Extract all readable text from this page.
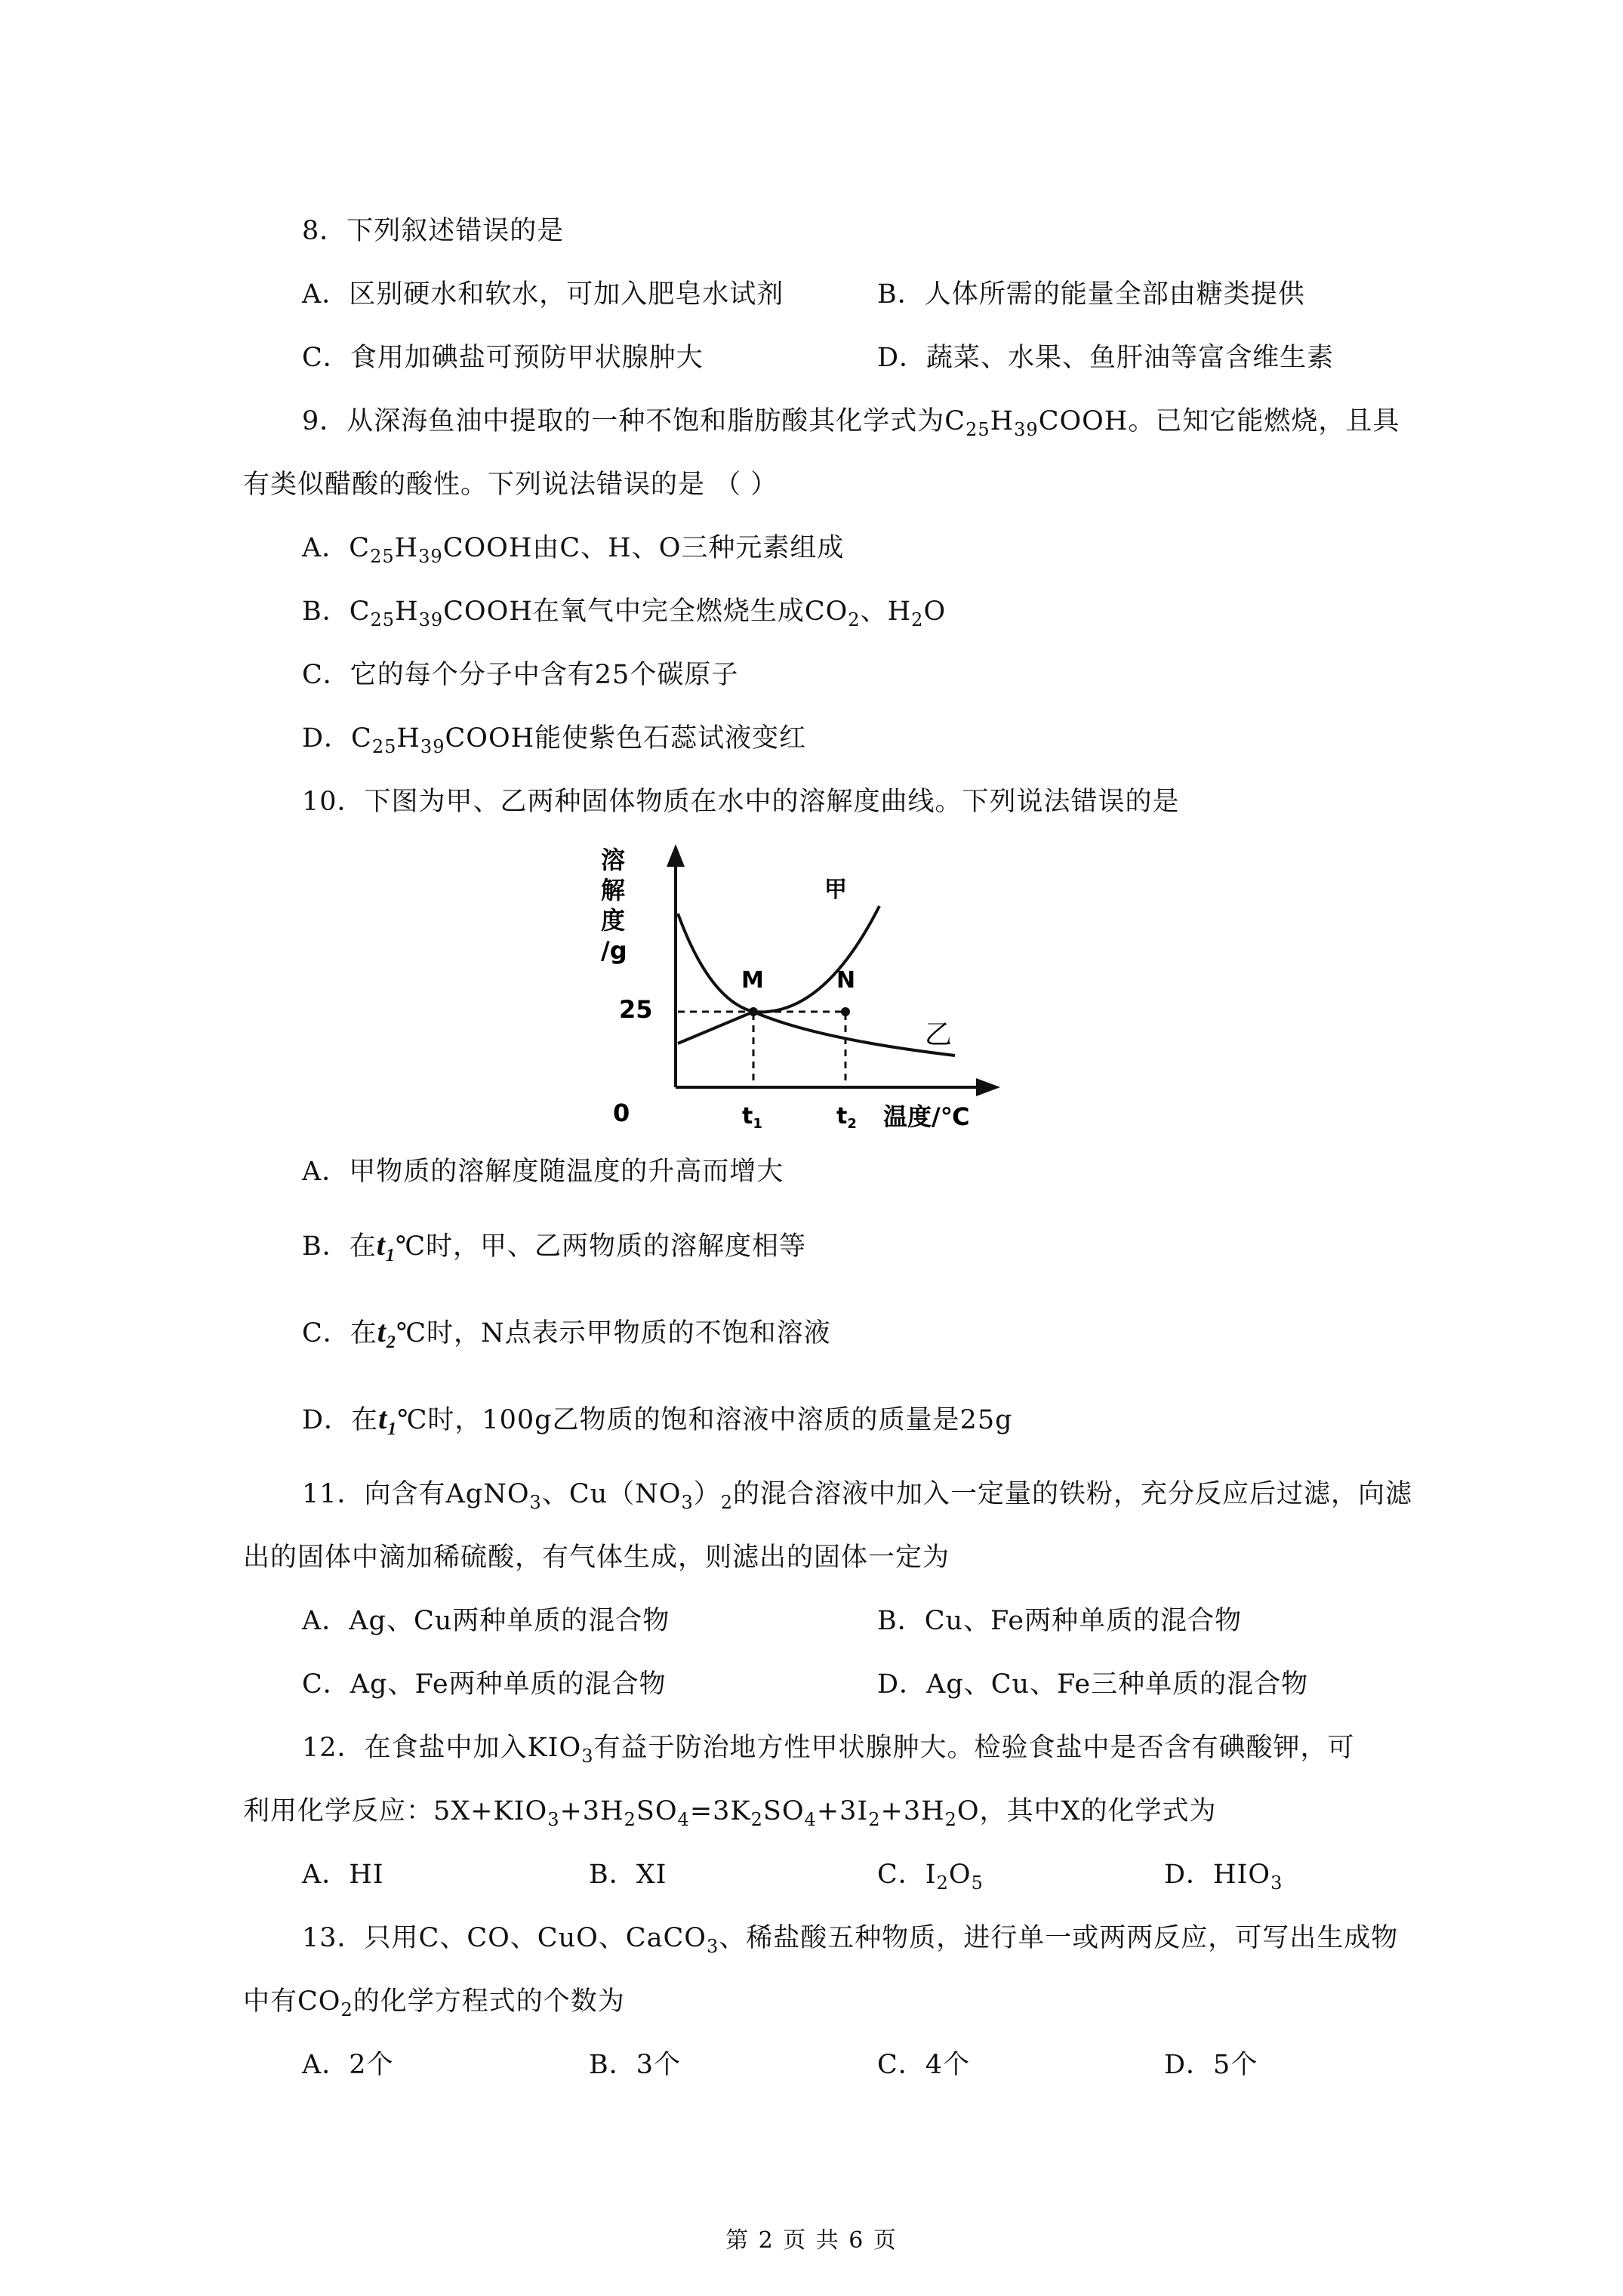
8．下列叙述错误的是
A．区别硬水和软水，可加入肥皂水试剂	B．人体所需的能量全部由糖类提供
C．食用加碘盐可预防甲状腺肿大	D．蔬菜、水果、鱼肝油等富含维生素
9．从深海鱼油中提取的一种不饱和脂肪酸其化学式为$C_{25}H_{39}COOH$。已知它能燃烧，且具
有类似醋酸的酸性。下列说法错误的是 （ ）
A．$C_{25}H_{39}COOH$由C、H、O三种元素组成
B．$C_{25}H_{39}COOH$在氧气中完全燃烧生成$CO_2$、$H_2O$
C．它的每个分子中含有25个碳原子
D．$C_{25}H_{39}COOH$能使紫色石蕊试液变红
10．下图为甲、乙两种固体物质在水中的溶解度曲线。下列说法错误的是
溶
解
度
/g
25
0	$t_1$	$t_2$ 温度/℃
甲
乙
M	N
A．甲物质的溶解度随温度的升高而增大
B．在$t_1℃$时，甲、乙两物质的溶解度相等
C．在$t_2℃$时，N点表示甲物质的不饱和溶液
D．在$t_1℃$时，100g乙物质的饱和溶液中溶质的质量是25g
11．向含有AgNO$_3$、$Cu(NO_3)_2$的混合溶液中加入一定量的铁粉，充分反应后过滤，向滤
出的固体中滴加稀硫酸，有气体生成，则滤出的固体一定为
A．Ag、Cu两种单质的混合物	B．Cu、Fe两种单质的混合物
C．Ag、Fe两种单质的混合物	D．Ag、Cu、Fe三种单质的混合物
12．在食盐中加入$KIO_3$有益于防治地方性甲状腺肿大。检验食盐中是否含有碘酸钾，可
利用化学反应：$5X+KIO_3+3H_2SO_4=3K_2SO_4+3I_2+3H_2O$，其中X的化学式为
A．HI	B．XI	C．$I_2O_5$	D．$HIO_3$
13．只用C、CO、CuO、CaCO$_3$、稀盐酸五种物质，进行单一或两两反应，可写出生成物
中有$CO_2$的化学方程式的个数为
A．2个	B．3个	C．4个	D．5个
第 2 页 共 6 页
